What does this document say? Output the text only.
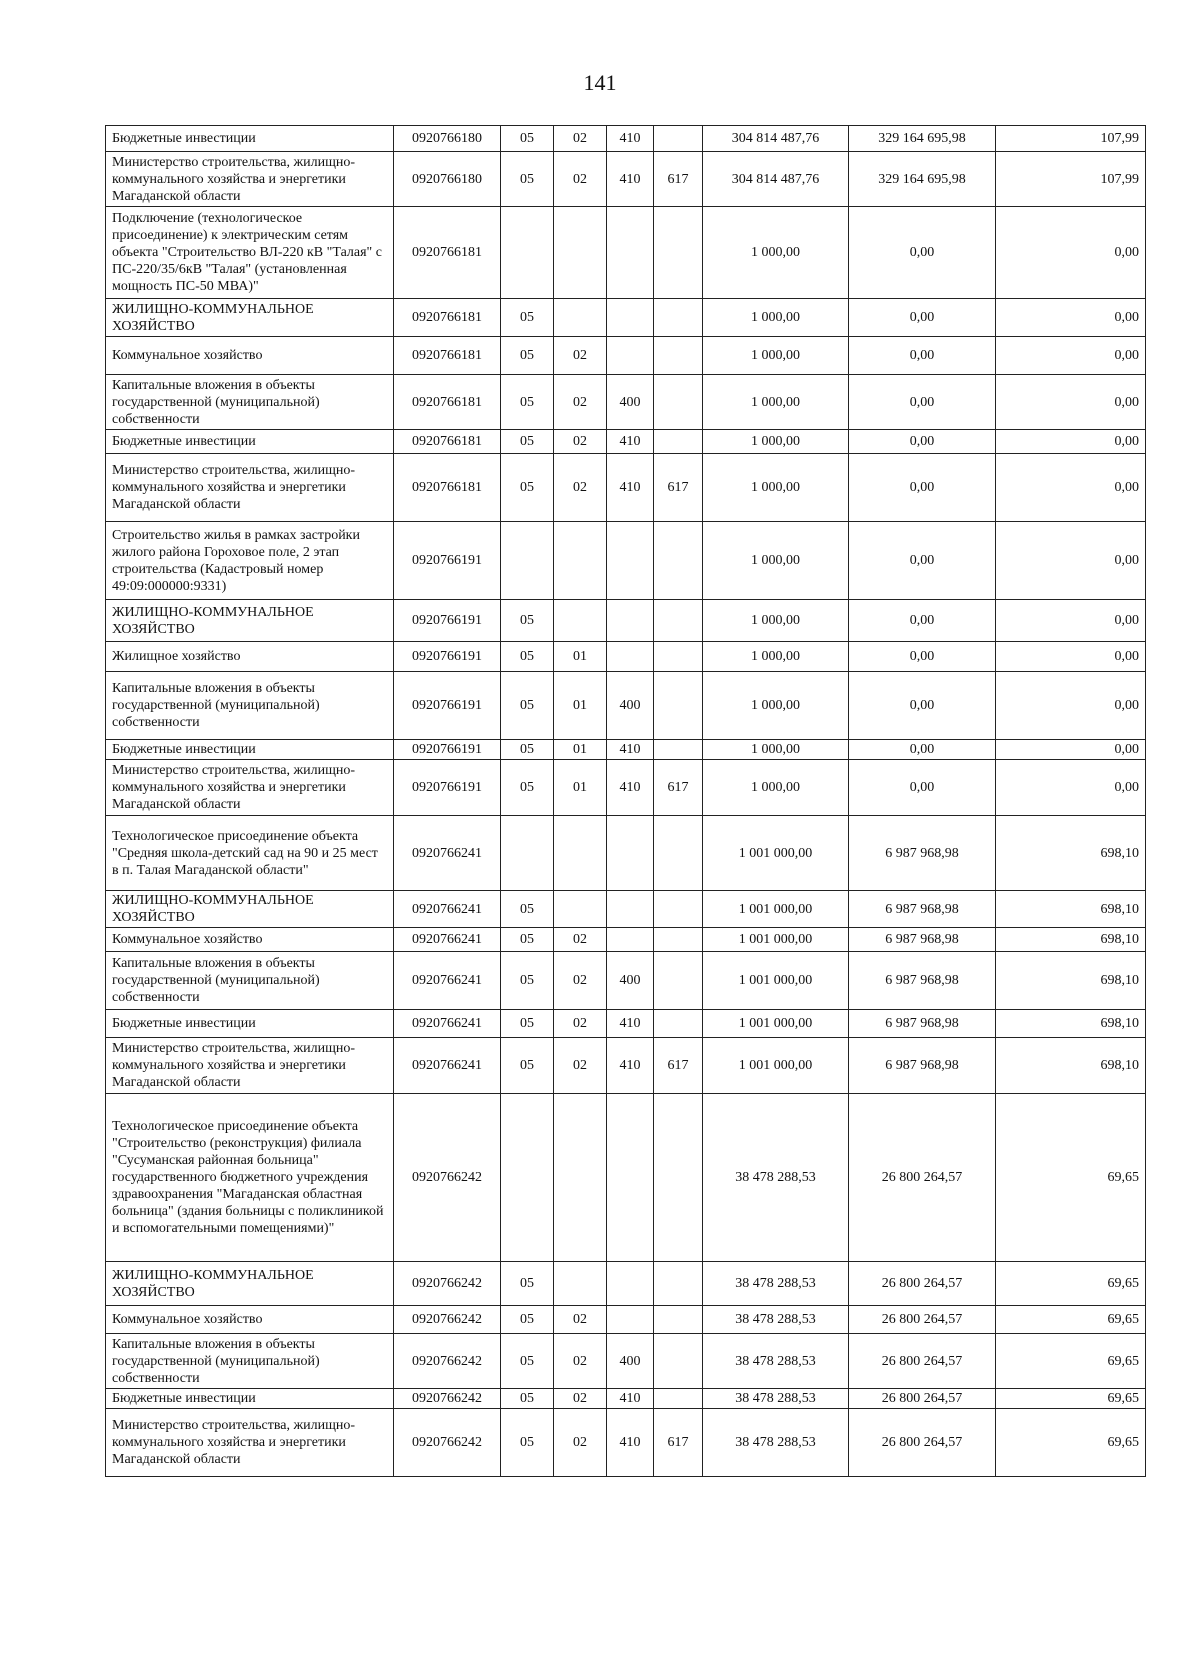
141
Бюджетные инвестиции	0920766180	05	02	410		304 814 487,76	329 164 695,98	107,99
Министерство строительства, жилищно-коммунального хозяйства и энергетики Магаданской области	0920766180	05	02	410	617	304 814 487,76	329 164 695,98	107,99
Подключение (технологическое присоединение) к электрическим сетям объекта "Строительство ВЛ-220 кВ "Талая" с ПС-220/35/6кВ "Талая" (установленная мощность ПС-50 МВА)"	0920766181					1 000,00	0,00	0,00
ЖИЛИЩНО-КОММУНАЛЬНОЕ ХОЗЯЙСТВО	0920766181	05				1 000,00	0,00	0,00
Коммунальное хозяйство	0920766181	05	02			1 000,00	0,00	0,00
Капитальные вложения в объекты государственной (муниципальной) собственности	0920766181	05	02	400		1 000,00	0,00	0,00
Бюджетные инвестиции	0920766181	05	02	410		1 000,00	0,00	0,00
Министерство строительства, жилищно-коммунального хозяйства и энергетики Магаданской области	0920766181	05	02	410	617	1 000,00	0,00	0,00
Строительство жилья в рамках застройки жилого района Гороховое поле, 2 этап строительства (Кадастровый номер 49:09:000000:9331)	0920766191					1 000,00	0,00	0,00
ЖИЛИЩНО-КОММУНАЛЬНОЕ ХОЗЯЙСТВО	0920766191	05				1 000,00	0,00	0,00
Жилищное хозяйство	0920766191	05	01			1 000,00	0,00	0,00
Капитальные вложения в объекты государственной (муниципальной) собственности	0920766191	05	01	400		1 000,00	0,00	0,00
Бюджетные инвестиции	0920766191	05	01	410		1 000,00	0,00	0,00
Министерство строительства, жилищно-коммунального хозяйства и энергетики Магаданской области	0920766191	05	01	410	617	1 000,00	0,00	0,00
Технологическое присоединение объекта "Средняя школа-детский сад на 90 и 25 мест в п. Талая Магаданской области"	0920766241					1 001 000,00	6 987 968,98	698,10
ЖИЛИЩНО-КОММУНАЛЬНОЕ ХОЗЯЙСТВО	0920766241	05				1 001 000,00	6 987 968,98	698,10
Коммунальное хозяйство	0920766241	05	02			1 001 000,00	6 987 968,98	698,10
Капитальные вложения в объекты государственной (муниципальной) собственности	0920766241	05	02	400		1 001 000,00	6 987 968,98	698,10
Бюджетные инвестиции	0920766241	05	02	410		1 001 000,00	6 987 968,98	698,10
Министерство строительства, жилищно-коммунального хозяйства и энергетики Магаданской области	0920766241	05	02	410	617	1 001 000,00	6 987 968,98	698,10
Технологическое присоединение объекта "Строительство (реконструкция) филиала "Сусуманская районная больница" государственного бюджетного учреждения здравоохранения "Магаданская областная больница" (здания больницы с поликлиникой и вспомогательными помещениями)"	0920766242					38 478 288,53	26 800 264,57	69,65
ЖИЛИЩНО-КОММУНАЛЬНОЕ ХОЗЯЙСТВО	0920766242	05				38 478 288,53	26 800 264,57	69,65
Коммунальное хозяйство	0920766242	05	02			38 478 288,53	26 800 264,57	69,65
Капитальные вложения в объекты государственной (муниципальной) собственности	0920766242	05	02	400		38 478 288,53	26 800 264,57	69,65
Бюджетные инвестиции	0920766242	05	02	410		38 478 288,53	26 800 264,57	69,65
Министерство строительства, жилищно-коммунального хозяйства и энергетики Магаданской области	0920766242	05	02	410	617	38 478 288,53	26 800 264,57	69,65
